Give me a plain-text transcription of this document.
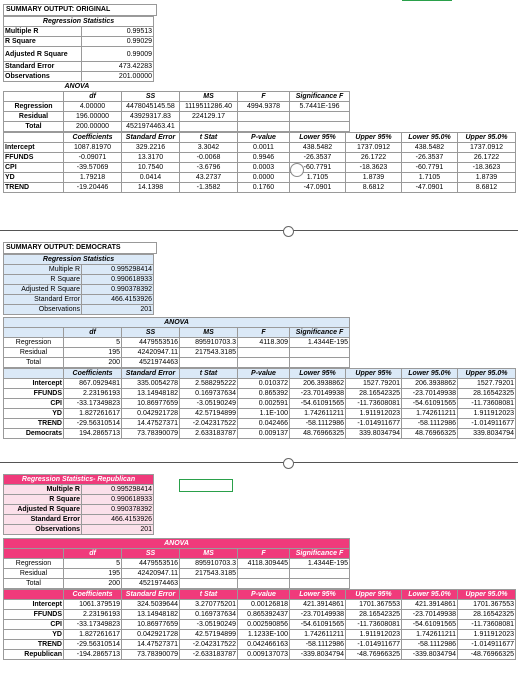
SUMMARY OUTPUT: ORIGINAL
Regression Statistics	
Multiple R	0.99513
R Square	0.99029
Adjusted R Square	0.99009
Standard Error	473.42283
Observations	201.00000
	ANOVA				
	df	SS	MS	F	Significance F
Regression	4.00000	4478045145.58	1119511286.40	4994.9378	5.7441E-196
Residual	196.00000	43929317.83	224129.17		
Total	200.00000	4521974463.41			
	Coefficients	Standard Error	t Stat	P-value	Lower 95%	Upper 95%	Lower 95.0%	Upper 95.0%
Intercept	1087.81970	329.2216	3.3042	0.0011	438.5482	1737.0912	438.5482	1737.0912
FFUNDS	-0.09071	13.3170	-0.0068	0.9946	-26.3537	26.1722	-26.3537	26.1722
CPI	-39.57069	10.7540	-3.6796	0.0003	-60.7791	-18.3623	-60.7791	-18.3623
YD	1.79218	0.0414	43.2737	0.0000	1.7105	1.8739	1.7105	1.8739
TREND	-19.20446	14.1398	-1.3582	0.1760	-47.0901	8.6812	-47.0901	8.6812
SUMMARY OUTPUT: DEMOCRATS
Regression Statistics	
Multiple R	0.995298414
R Square	0.990618933
Adjusted R Square	0.990378392
Standard Error	466.4153926
Observations	201
ANOVA					
	df	SS	MS	F	Significance F
Regression	5	4479553516	895910703.3	4118.309	1.4344E-195
Residual	195	42420947.11	217543.3185		
Total	200	4521974463			
	Coefficients	Standard Error	t Stat	P-value	Lower 95%	Upper 95%	Lower 95.0%	Upper 95.0%
Intercept	867.0929481	335.0054278	2.588295222	0.010372	206.3938862	1527.79201	206.3938862	1527.79201
FFUNDS	2.23196193	13.14948182	0.169737634	0.865392	-23.70149938	28.16542325	-23.70149938	28.16542325
CPI	-33.17349823	10.86977659	-3.05190249	0.002591	-54.61091565	-11.73608081	-54.61091565	-11.73608081
YD	1.827261617	0.042921728	42.57194899	1.1E-100	1.742611211	1.911912023	1.742611211	1.911912023
TREND	-29.56310514	14.47527371	-2.042317522	0.042466	-58.1112986	-1.014911677	-58.1112986	-1.014911677
Democrats	194.2865713	73.78390079	2.633183787	0.009137	48.76966325	339.8034794	48.76966325	339.8034794
Regression Statistics- Republican	
Multiple R	0.995298414
R Square	0.990618933
Adjusted R Square	0.990378392
Standard Error	466.4153926
Observations	201
ANOVA					
	df	SS	MS	F	Significance F
Regression	5	4479553516	895910703.3	4118.309445	1.4344E-195
Residual	195	42420947.11	217543.3185		
Total	200	4521974463			
	Coefficients	Standard Error	t Stat	P-value	Lower 95%	Upper 95%	Lower 95.0%	Upper 95.0%
Intercept	1061.379519	324.5039644	3.270775201	0.00126818	421.3914861	1701.367553	421.3914861	1701.367553
FFUNDS	2.23196193	13.14948182	0.169737634	0.865392437	-23.70149938	28.16542325	-23.70149938	28.16542325
CPI	-33.17349823	10.86977659	-3.05190249	0.002590856	-54.61091565	-11.73608081	-54.61091565	-11.73608081
YD	1.827261617	0.042921728	42.57194899	1.1233E-100	1.742611211	1.911912023	1.742611211	1.911912023
TREND	-29.56310514	14.47527371	-2.042317522	0.042466163	-58.1112986	-1.014911677	-58.1112986	-1.014911677
Republican	-194.2865713	73.78390079	-2.633183787	0.009137073	-339.8034794	-48.76966325	-339.8034794	-48.76966325
